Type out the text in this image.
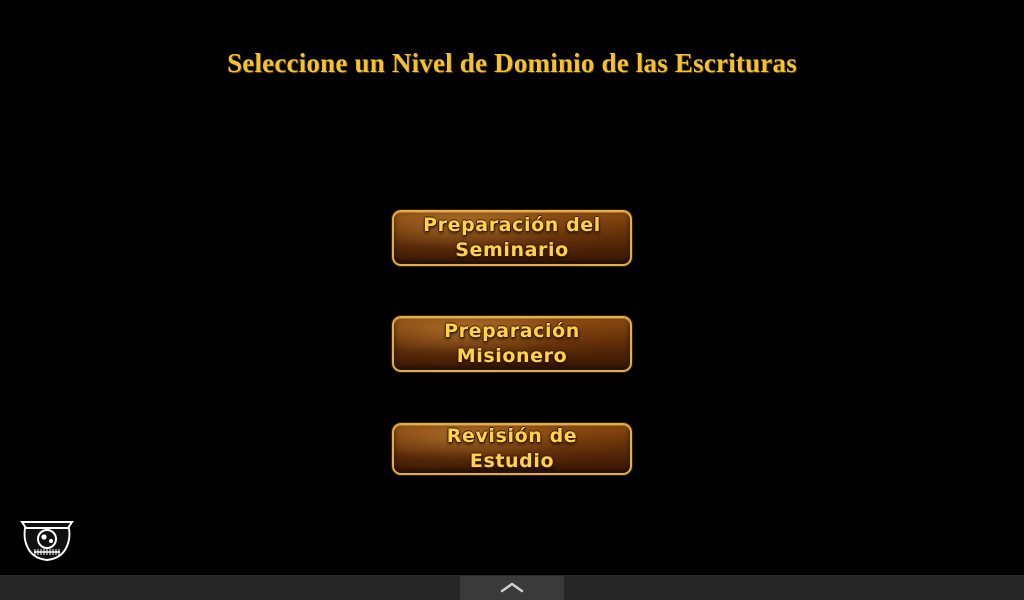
Seleccione un Nivel de Dominio de las Escrituras
Preparación del Seminario
Preparación Misionero
Revisión de Estudio
